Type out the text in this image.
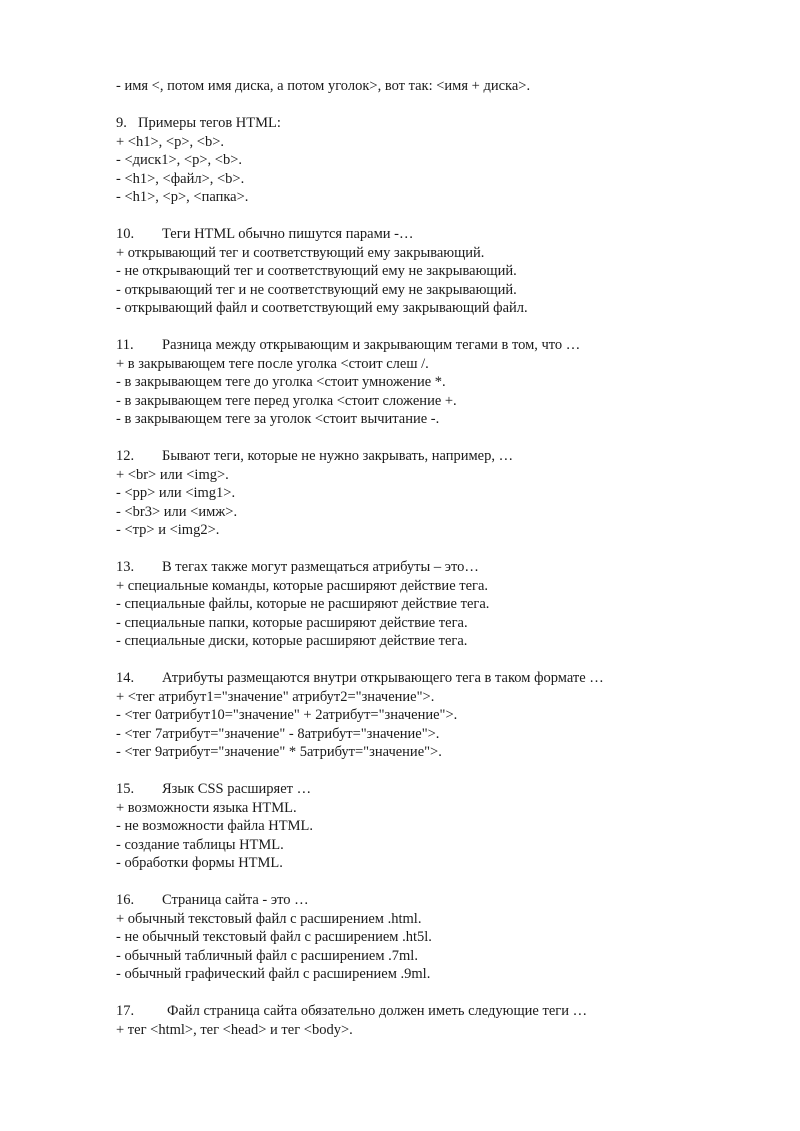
- имя <, потом имя диска, а потом уголок>, вот так: <имя + диска>.
9. Примеры тегов HTML:
+ <h1>, <p>, <b>.
- <диск1>, <p>, <b>.
- <h1>, <файл>, <b>.
- <h1>, <p>, <папка>.
10. Теги HTML обычно пишутся парами -…
+ открывающий тег и соответствующий ему закрывающий.
- не открывающий тег и соответствующий ему не закрывающий.
- открывающий тег и не соответствующий ему не закрывающий.
- открывающий файл и соответствующий ему закрывающий файл.
11. Разница между открывающим и закрывающим тегами в том, что …
+ в закрывающем теге после уголка <стоит слеш /.
- в закрывающем теге до уголка <стоит умножение *.
- в закрывающем теге перед уголка <стоит сложение +.
- в закрывающем теге за уголок <стоит вычитание -.
12. Бывают теги, которые не нужно закрывать, например, …
+ <br> или <img>.
- <pp> или <img1>.
- <br3> или <имж>.
- <тр> и <img2>.
13. В тегах также могут размещаться атрибуты – это…
+ специальные команды, которые расширяют действие тега.
- специальные файлы, которые не расширяют действие тега.
- специальные папки, которые расширяют действие тега.
- специальные диски, которые расширяют действие тега.
14. Атрибуты размещаются внутри открывающего тега в таком формате …
+ <тег атрибут1="значение" атрибут2="значение">.
- <тег 0атрибут10="значение" + 2атрибут="значение">.
- <тег 7атрибут="значение" - 8атрибут="значение">.
- <тег 9атрибут="значение" * 5атрибут="значение">.
15. Язык CSS расширяет …
+ возможности языка HTML.
- не возможности файла HTML.
- создание таблицы HTML.
- обработки формы HTML.
16. Страница сайта - это …
+ обычный текстовый файл с расширением .html.
- не обычный текстовый файл с расширением .ht5l.
- обычный табличный файл с расширением .7ml.
- обычный графический файл с расширением .9ml.
17. Файл страница сайта обязательно должен иметь следующие теги …
+ тег <html>, тег <head> и тег <body>.
